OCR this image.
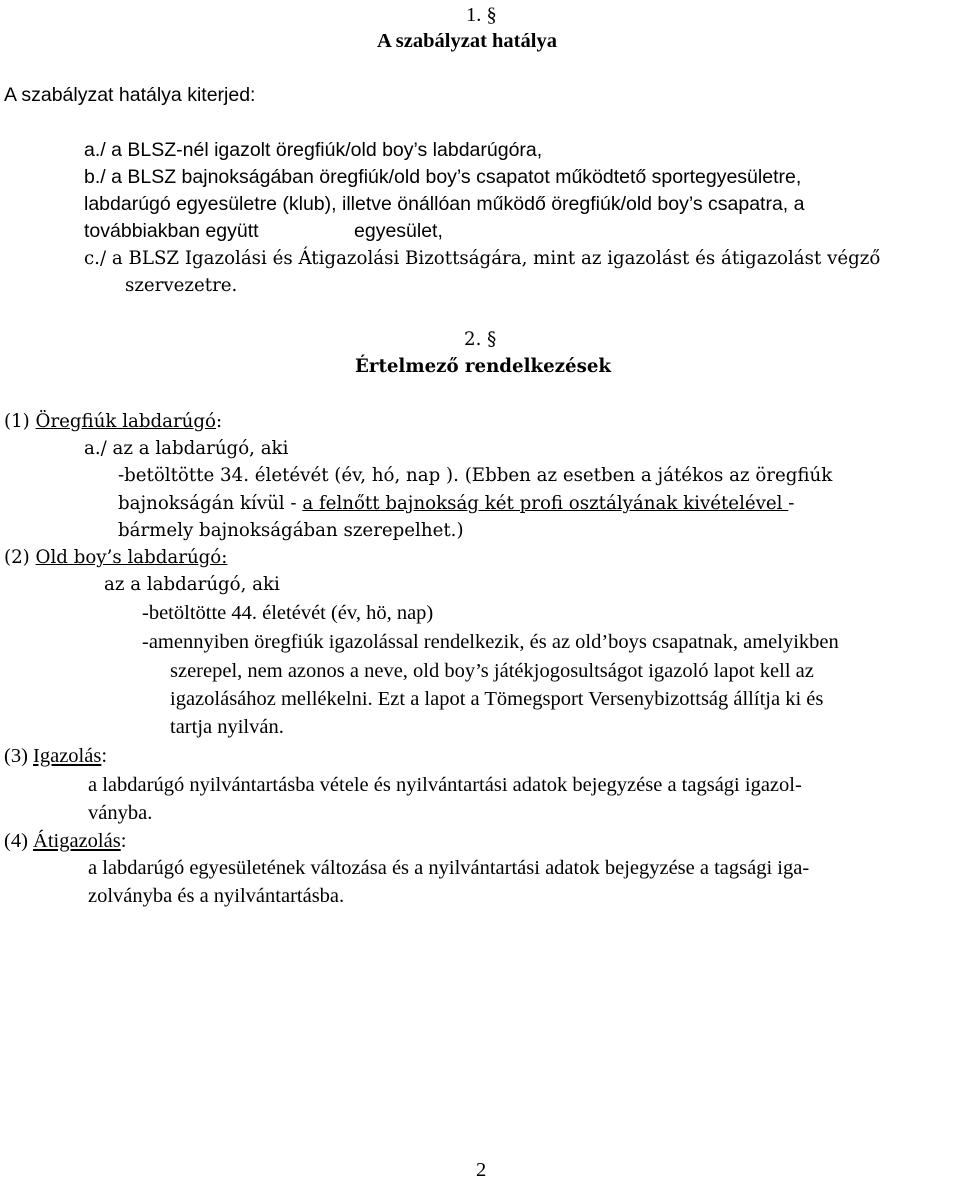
1. §
A szabályzat hatálya
A szabályzat hatálya kiterjed:
a./ a BLSZ-nél igazolt öregfiúk/old boy’s labdarúgóra,
b./ a BLSZ bajnokságában öregfiúk/old boy’s csapatot működtető sportegyesületre,
labdarúgó egyesületre (klub), illetve önállóan működő öregfiúk/old boy’s csapatra, a
továbbiakban együtt	egyesület,
c./ a BLSZ Igazolási és Átigazolási Bizottságára, mint az igazolást és átigazolást végző
szervezetre.
2. §
Értelmező rendelkezések
(1) Öregfiúk labdarúgó:
a./ az a labdarúgó, aki
-betöltötte 34. életévét (év, hó, nap ). (Ebben az esetben a játékos az öregfiúk
bajnokságán kívül - a felnőtt bajnokság két profi osztályának kivételével -
bármely bajnokságában szerepelhet.)
(2) Old boy’s labdarúgó:
az a labdarúgó, aki
-betöltötte 44. életévét (év, hö, nap)
-amennyiben öregfiúk igazolással rendelkezik, és az old’boys csapatnak, amelyikben
szerepel, nem azonos a neve, old boy’s játékjogosultságot igazoló lapot kell az
igazolásához mellékelni. Ezt a lapot a Tömegsport Versenybizottság állítja ki és
tartja nyilván.
(3) Igazolás:
a labdarúgó nyilvántartásba vétele és nyilvántartási adatok bejegyzése a tagsági igazol-
ványba.
(4) Átigazolás:
a labdarúgó egyesületének változása és a nyilvántartási adatok bejegyzése a tagsági iga-
zolványba és a nyilvántartásba.
2
